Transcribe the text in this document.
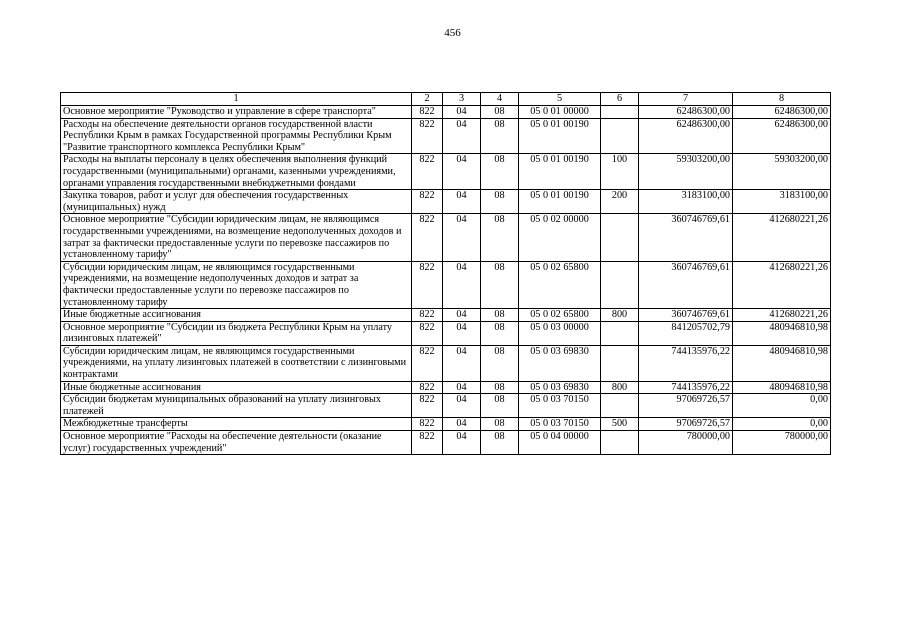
456
1	2	3	4	5	6	7	8
Основное мероприятие "Руководство и управление в сфере транспорта"	822	04	08	05 0 01 00000		62486300,00	62486300,00
Расходы на обеспечение деятельности органов государственной власти Республики Крым в рамках Государственной программы Республики Крым "Развитие транспортного комплекса Республики Крым"	822	04	08	05 0 01 00190		62486300,00	62486300,00
Расходы на выплаты персоналу в целях обеспечения выполнения функций государственными (муниципальными) органами, казенными учреждениями, органами управления государственными внебюджетными фондами	822	04	08	05 0 01 00190	100	59303200,00	59303200,00
Закупка товаров, работ и услуг для обеспечения государственных (муниципальных) нужд	822	04	08	05 0 01 00190	200	3183100,00	3183100,00
Основное мероприятие "Субсидии юридическим лицам, не являющимся государственными учреждениями, на возмещение недополученных доходов и затрат за фактически предоставленные услуги по перевозке пассажиров по установленному тарифу"	822	04	08	05 0 02 00000		360746769,61	412680221,26
Субсидии юридическим лицам, не являющимся государственными учреждениями, на возмещение недополученных доходов и затрат за фактически предоставленные услуги по перевозке пассажиров по установленному тарифу	822	04	08	05 0 02 65800		360746769,61	412680221,26
Иные бюджетные ассигнования	822	04	08	05 0 02 65800	800	360746769,61	412680221,26
Основное мероприятие "Субсидии из бюджета Республики Крым на уплату лизинговых платежей"	822	04	08	05 0 03 00000		841205702,79	480946810,98
Субсидии юридическим лицам, не являющимся государственными учреждениями, на уплату лизинговых платежей в соответствии с лизинговыми контрактами	822	04	08	05 0 03 69830		744135976,22	480946810,98
Иные бюджетные ассигнования	822	04	08	05 0 03 69830	800	744135976,22	480946810,98
Субсидии бюджетам муниципальных образований на уплату лизинговых платежей	822	04	08	05 0 03 70150		97069726,57	0,00
Межбюджетные трансферты	822	04	08	05 0 03 70150	500	97069726,57	0,00
Основное мероприятие "Расходы на обеспечение деятельности (оказание услуг) государственных учреждений"	822	04	08	05 0 04 00000		780000,00	780000,00
